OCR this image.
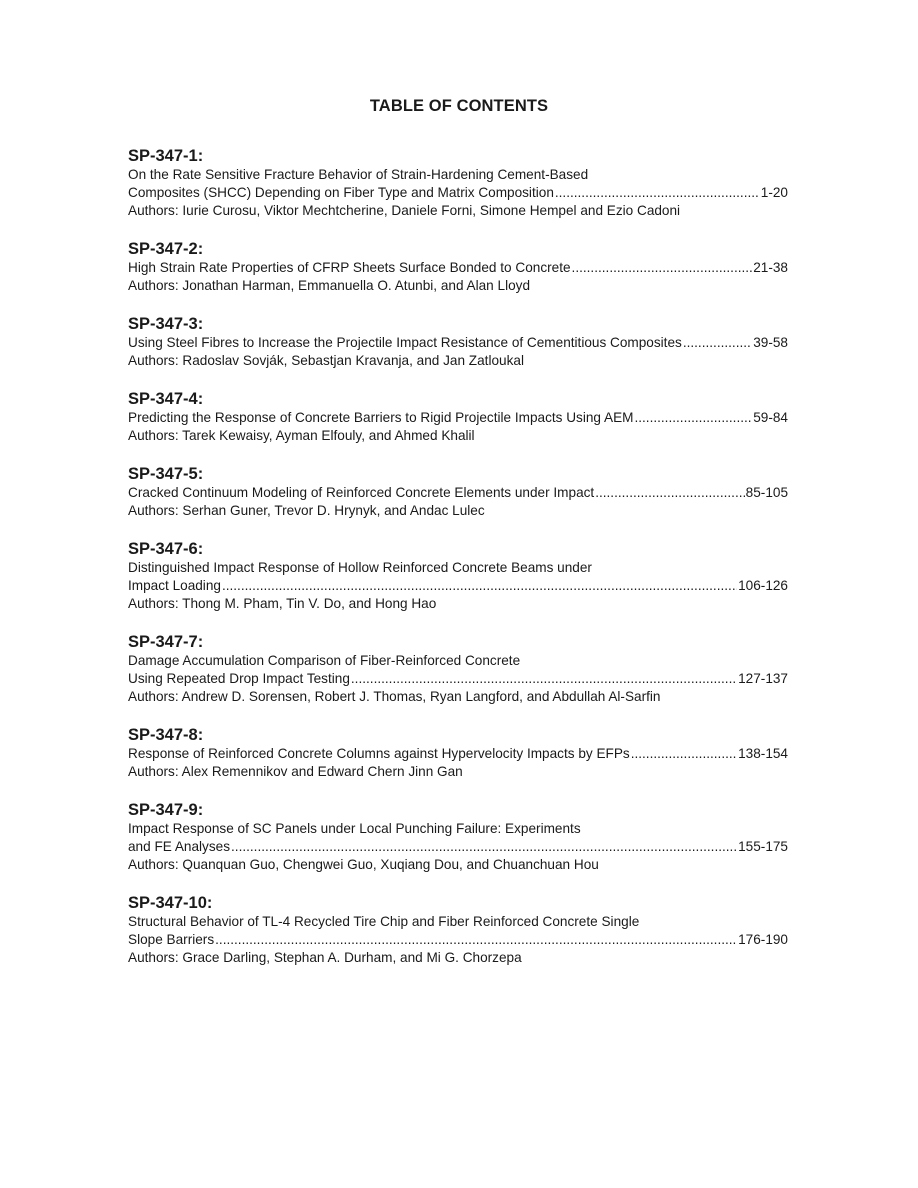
TABLE OF CONTENTS
SP-347-1:
On the Rate Sensitive Fracture Behavior of Strain-Hardening Cement-Based
Composites (SHCC) Depending on Fiber Type and Matrix Composition .....	1-20
Authors: Iurie Curosu, Viktor Mechtcherine, Daniele Forni, Simone Hempel and Ezio Cadoni
SP-347-2:
High Strain Rate Properties of CFRP Sheets Surface Bonded to Concrete .....	21-38
Authors: Jonathan Harman, Emmanuella O. Atunbi, and Alan Lloyd
SP-347-3:
Using Steel Fibres to Increase the Projectile Impact Resistance of Cementitious Composites .....	39-58
Authors: Radoslav Sovják, Sebastjan Kravanja, and Jan Zatloukal
SP-347-4:
Predicting the Response of Concrete Barriers to Rigid Projectile Impacts Using AEM .....	59-84
Authors: Tarek Kewaisy, Ayman Elfouly, and Ahmed Khalil
SP-347-5:
Cracked Continuum Modeling of Reinforced Concrete Elements under Impact .....	85-105
Authors: Serhan Guner, Trevor D. Hrynyk, and Andac Lulec
SP-347-6:
Distinguished Impact Response of Hollow Reinforced Concrete Beams under
Impact Loading .....	106-126
Authors: Thong M. Pham, Tin V. Do, and Hong Hao
SP-347-7:
Damage Accumulation Comparison of Fiber-Reinforced Concrete
Using Repeated Drop Impact Testing .....	127-137
Authors: Andrew D. Sorensen, Robert J. Thomas, Ryan Langford, and Abdullah Al-Sarfin
SP-347-8:
Response of Reinforced Concrete Columns against Hypervelocity Impacts by EFPs .....	138-154
Authors: Alex Remennikov and Edward Chern Jinn Gan
SP-347-9:
Impact Response of SC Panels under Local Punching Failure: Experiments
and FE Analyses .....	155-175
Authors: Quanquan Guo, Chengwei Guo, Xuqiang Dou, and Chuanchuan Hou
SP-347-10:
Structural Behavior of TL-4 Recycled Tire Chip and Fiber Reinforced Concrete Single
Slope Barriers .....	176-190
Authors: Grace Darling, Stephan A. Durham, and Mi G. Chorzepa
